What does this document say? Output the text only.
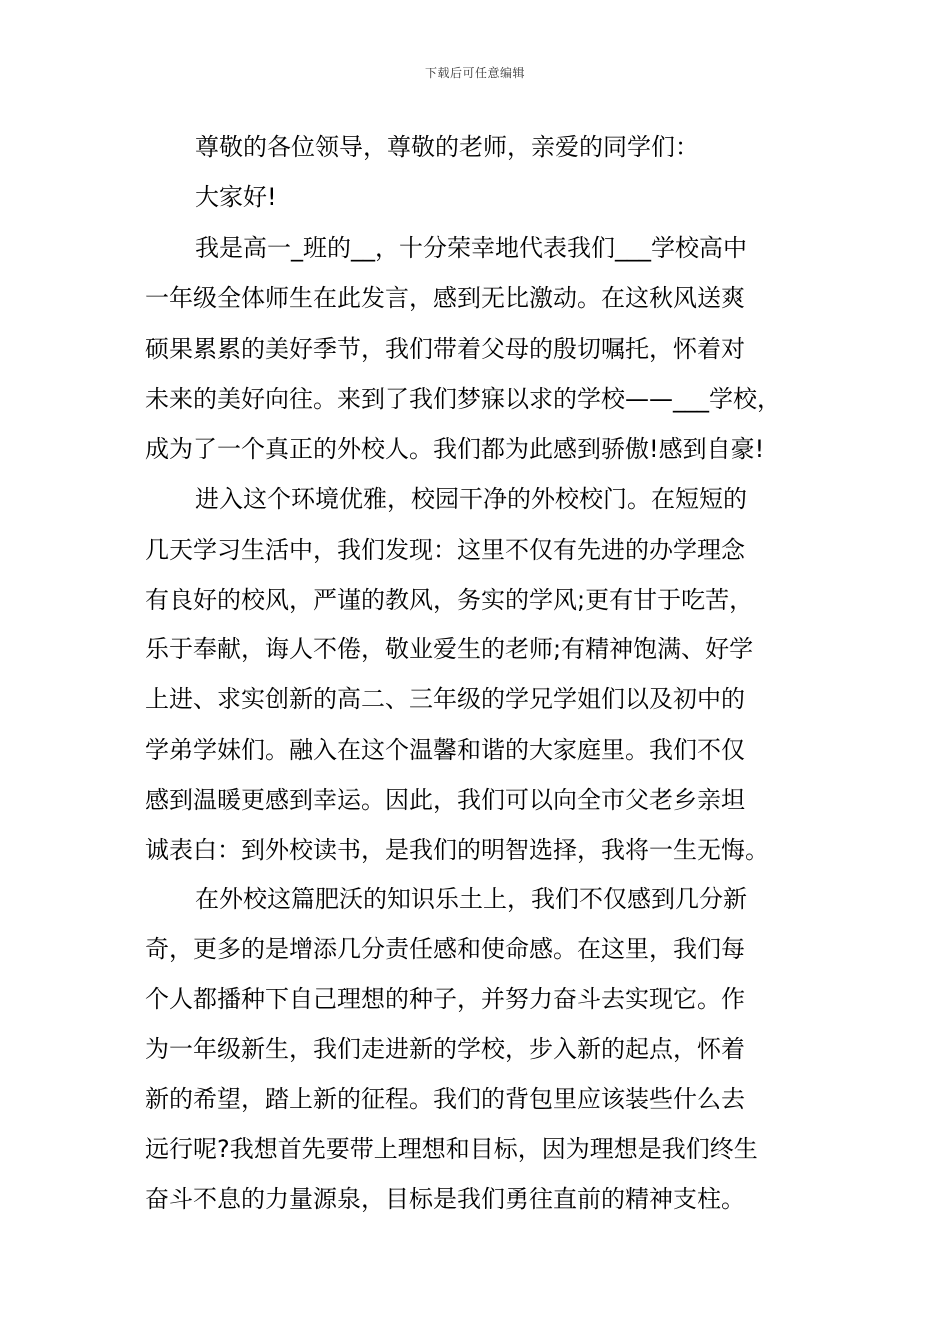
下载后可任意编辑
尊敬的各位领导，尊敬的老师，亲爱的同学们：
大家好!
我是高一_班的__，十分荣幸地代表我们___学校高中
一年级全体师生在此发言，感到无比激动。在这秋风送爽
硕果累累的美好季节，我们带着父母的殷切嘱托，怀着对
未来的美好向往。来到了我们梦寐以求的学校——___学校，
成为了一个真正的外校人。我们都为此感到骄傲!感到自豪!
进入这个环境优雅，校园干净的外校校门。在短短的
几天学习生活中，我们发现：这里不仅有先进的办学理念
有良好的校风，严谨的教风，务实的学风;更有甘于吃苦，
乐于奉献，诲人不倦，敬业爱生的老师;有精神饱满、好学
上进、求实创新的高二、三年级的学兄学姐们以及初中的
学弟学妹们。融入在这个温馨和谐的大家庭里。我们不仅
感到温暖更感到幸运。因此，我们可以向全市父老乡亲坦
诚表白：到外校读书，是我们的明智选择，我将一生无悔。
在外校这篇肥沃的知识乐土上，我们不仅感到几分新
奇，更多的是增添几分责任感和使命感。在这里，我们每
个人都播种下自己理想的种子，并努力奋斗去实现它。作
为一年级新生，我们走进新的学校，步入新的起点，怀着
新的希望，踏上新的征程。我们的背包里应该装些什么去
远行呢?我想首先要带上理想和目标，因为理想是我们终生
奋斗不息的力量源泉，目标是我们勇往直前的精神支柱。
